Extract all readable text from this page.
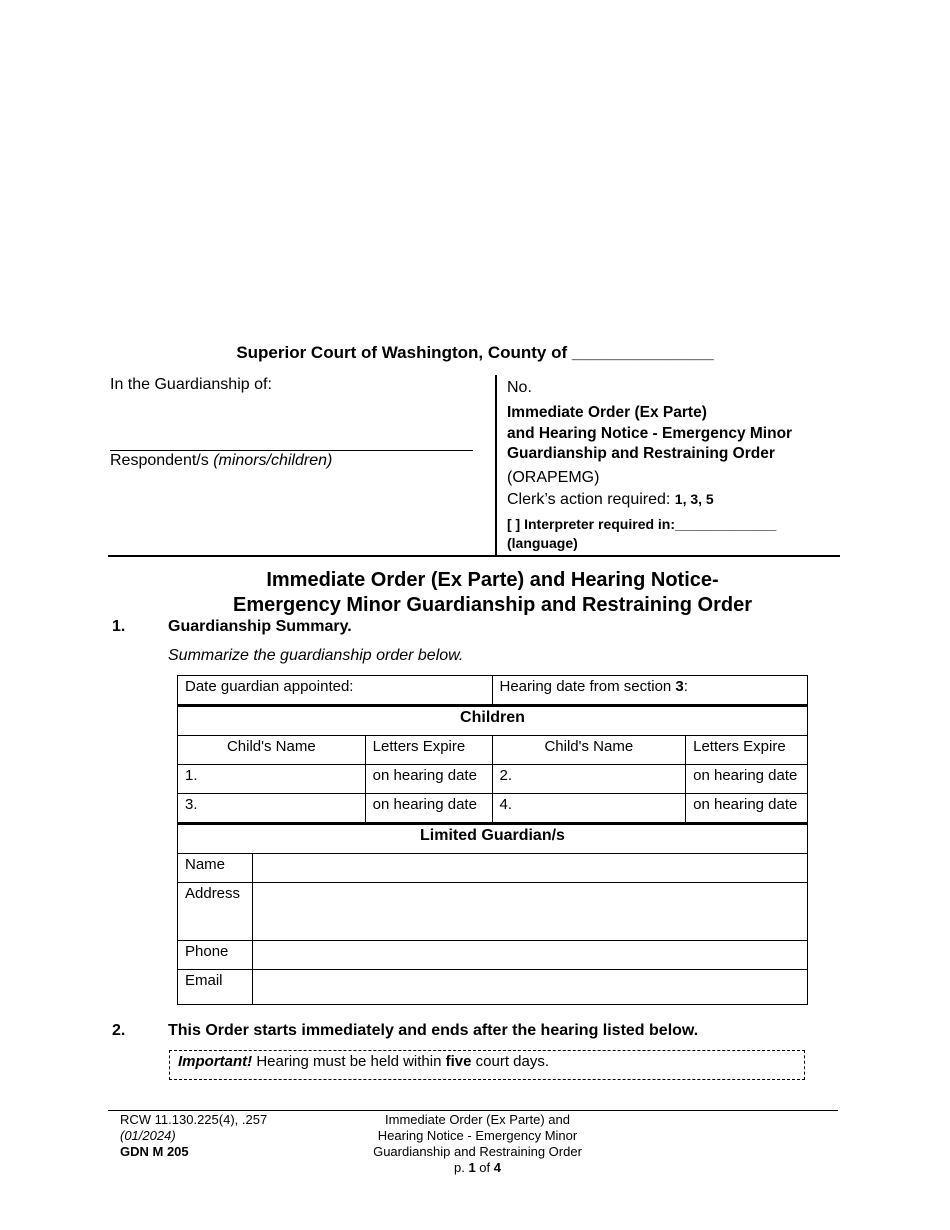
Superior Court of Washington, County of _______________
In the Guardianship of:
Respondent/s (minors/children)
No.
Immediate Order (Ex Parte)
and Hearing Notice - Emergency Minor
Guardianship and Restraining Order
(ORAPEMG)
Clerk’s action required: 1, 3, 5
[ ] Interpreter required in:_____________
(language)
Immediate Order (Ex Parte) and Hearing Notice-
Emergency Minor Guardianship and Restraining Order
1.	Guardianship Summary.
Summarize the guardianship order below.
Date guardian appointed:			Hearing date from section 3:	
Children				
Child's Name		Letters Expire	Child's Name	Letters Expire
1.		on hearing date	2.	on hearing date
3.		on hearing date	4.	on hearing date
Limited Guardian/s				
Name				
Address				
Phone				
Email				
2.	This Order starts immediately and ends after the hearing listed below.
Important! Hearing must be held within five court days.
RCW 11.130.225(4), .257
(01/2024)
GDN M 205
Immediate Order (Ex Parte) and
Hearing Notice - Emergency Minor
Guardianship and Restraining Order
p. 1 of 4
